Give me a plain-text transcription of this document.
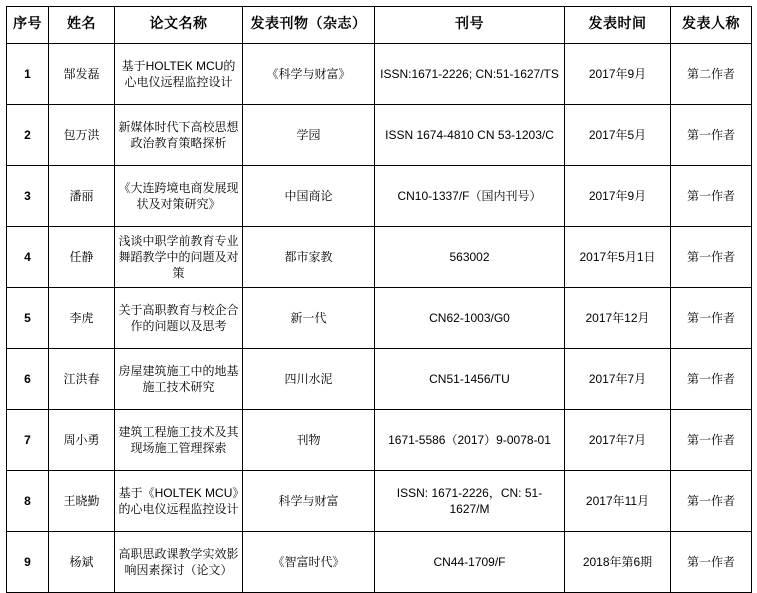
序号	姓名	论文名称	发表刊物（杂志）	刊号	发表时间	发表人称
1	郜发磊	基于HOLTEK MCU的心电仪远程监控设计	《科学与财富》	ISSN:1671-2226; CN:51-1627/TS	2017年9月	第二作者
2	包万洪	新媒体时代下高校思想政治教育策略探析	学园	ISSN 1674-4810 CN 53-1203/C	2017年5月	第一作者
3	潘丽	《大连跨境电商发展现状及对策研究》	中国商论	CN10-1337/F（国内刊号）	2017年9月	第一作者
4	任静	浅谈中职学前教育专业舞蹈教学中的问题及对策	都市家教	563002	2017年5月1日	第一作者
5	李虎	关于高职教育与校企合作的问题以及思考	新一代	CN62-1003/G0	2017年12月	第一作者
6	江洪春	房屋建筑施工中的地基施工技术研究	四川水泥	CN51-1456/TU	2017年7月	第一作者
7	周小勇	建筑工程施工技术及其现场施工管理探索	刊物	1671-5586（2017）9-0078-01	2017年7月	第一作者
8	王晓勤	基于《HOLTEK MCU》的心电仪远程监控设计	科学与财富	ISSN: 1671-2226，CN: 51-1627/M	2017年11月	第一作者
9	杨斌	高职思政课教学实效影响因素探讨（论文）	《智富时代》	CN44-1709/F	2018年第6期	第一作者
